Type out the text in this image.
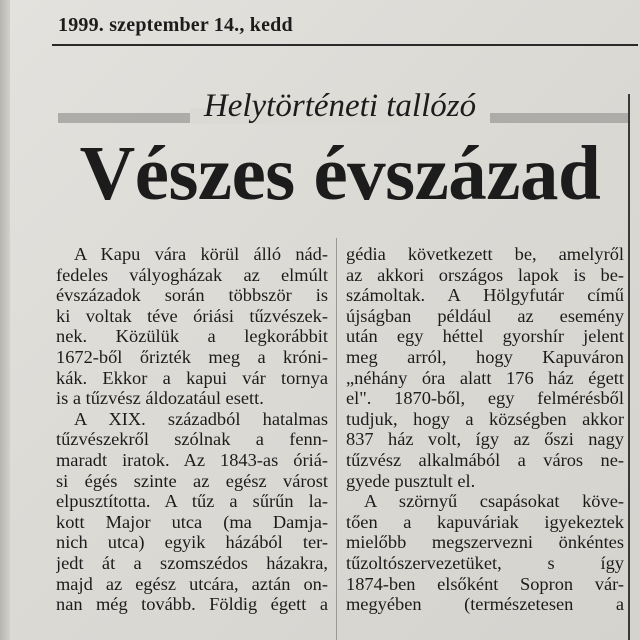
1999. szeptember 14., kedd
Helytörténeti tallózó
Vészes évszázad
A Kapu vára körül álló nád-
fedeles vályogházak az elmúlt
évszázadok során többször is
ki voltak téve óriási tűzvészek-
nek. Közülük a legkorábbit
1672-ből őrizték meg a króni-
kák. Ekkor a kapui vár tornya
is a tűzvész áldozatául esett.
A XIX. századból hatalmas
tűzvészekről szólnak a fenn-
maradt iratok. Az 1843-as óriá-
si égés szinte az egész várost
elpusztította. A tűz a sűrűn la-
kott Major utca (ma Damja-
nich utca) egyik házából ter-
jedt át a szomszédos házakra,
majd az egész utcára, aztán on-
nan még tovább. Földig égett a
gédia következett be, amelyről
az akkori országos lapok is be-
számoltak. A Hölgyfutár című
újságban például az esemény
után egy héttel gyorshír jelent
meg arról, hogy Kapuváron
„néhány óra alatt 176 ház égett
el". 1870-ből, egy felmérésből
tudjuk, hogy a községben akkor
837 ház volt, így az őszi nagy
tűzvész alkalmából a város ne-
gyede pusztult el.
A szörnyű csapásokat köve-
tően a kapuváriak igyekeztek
mielőbb megszervezni önkéntes
tűzoltószervezetüket, s így
1874-ben elsőként Sopron vár-
megyében (természetesen a
